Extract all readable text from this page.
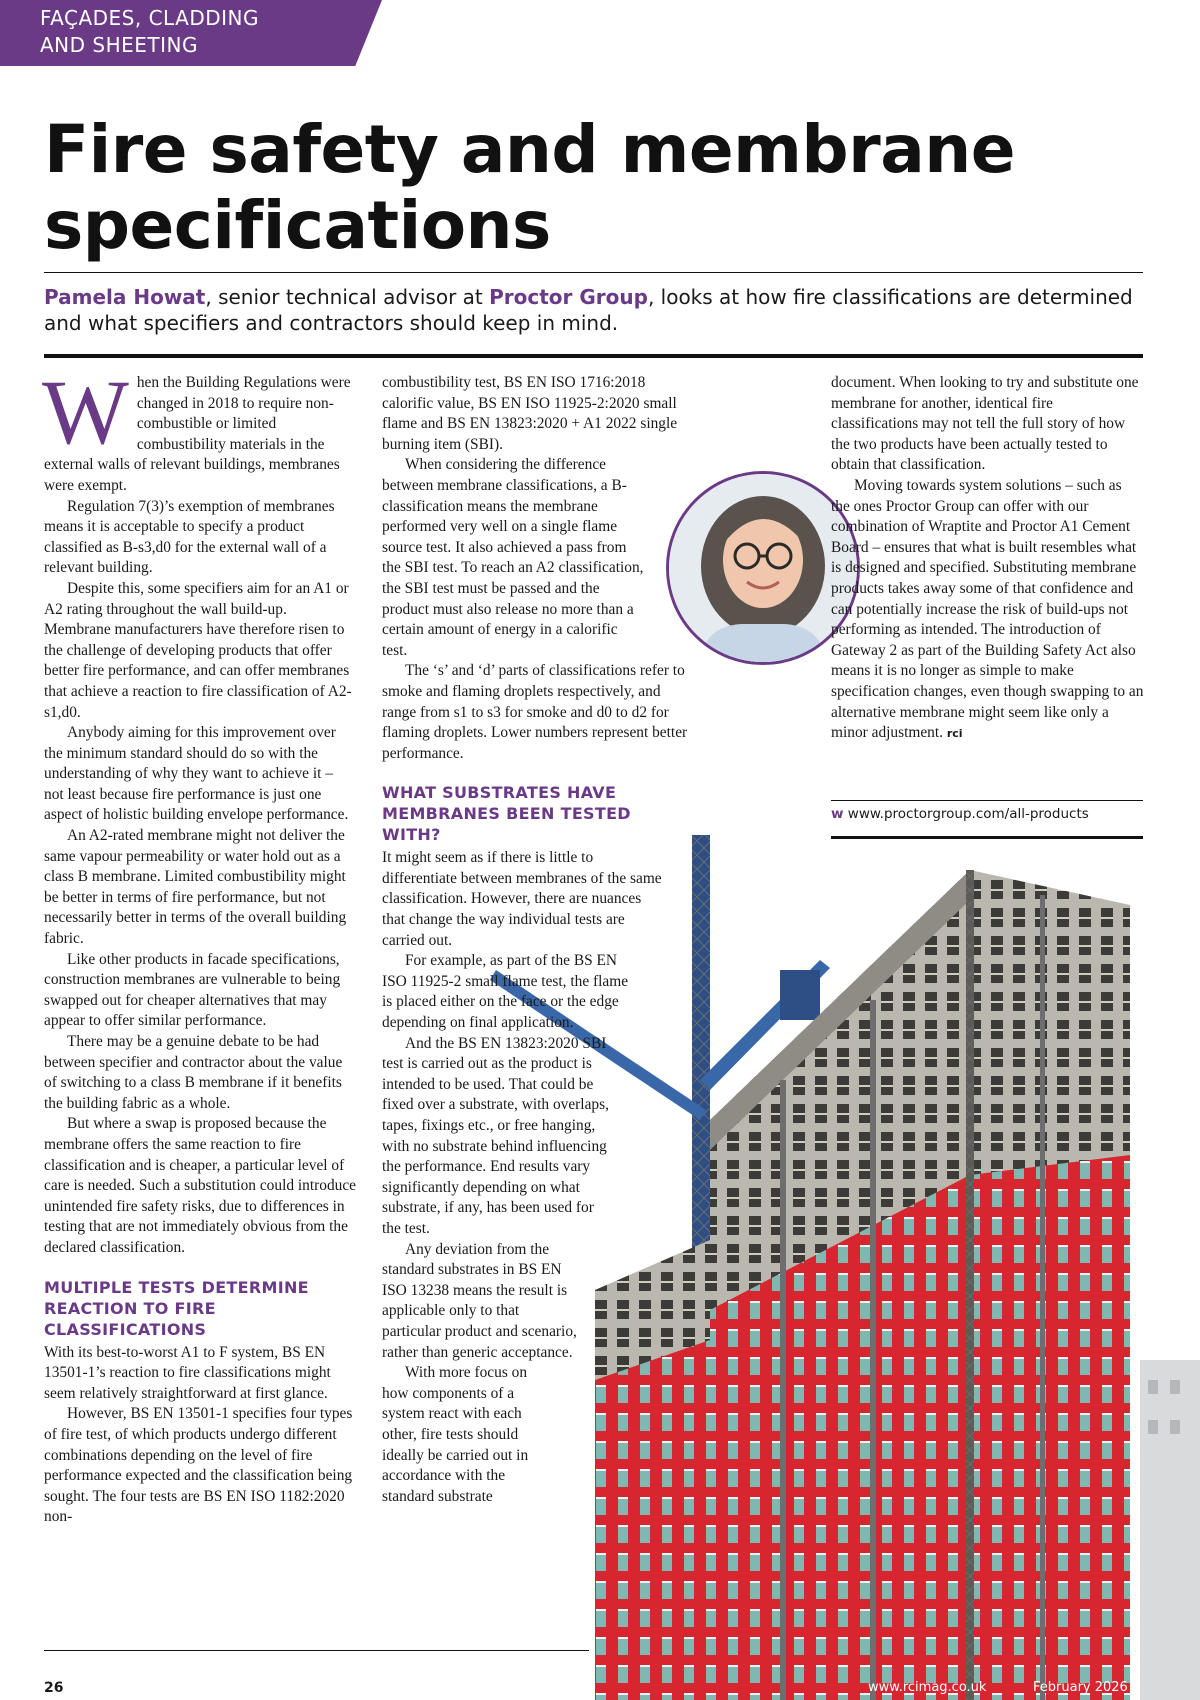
FAÇADES, CLADDING
AND SHEETING
Fire safety and membrane
specifications
Pamela Howat, senior technical advisor at Proctor Group, looks at how fire classifications are determined and what specifiers and contractors should keep in mind.

When the Building Regulations were changed in 2018 to require non-combustible or limited combustibility materials in the external walls of relevant buildings, membranes were exempt.

Regulation 7(3)’s exemption of membranes means it is acceptable to specify a product classified as B-s3,d0 for the external wall of a relevant building.

Despite this, some specifiers aim for an A1 or A2 rating throughout the wall build-up. Membrane manufacturers have therefore risen to the challenge of developing products that offer better fire performance, and can offer membranes that achieve a reaction to fire classification of A2-s1,d0.

Anybody aiming for this improvement over the minimum standard should do so with the understanding of why they want to achieve it – not least because fire performance is just one aspect of holistic building envelope performance.

An A2-rated membrane might not deliver the same vapour permeability or water hold out as a class B membrane. Limited combustibility might be better in terms of fire performance, but not necessarily better in terms of the overall building fabric.

Like other products in facade specifications, construction membranes are vulnerable to being swapped out for cheaper alternatives that may appear to offer similar performance.

There may be a genuine debate to be had between specifier and contractor about the value of switching to a class B membrane if it benefits the building fabric as a whole.

But where a swap is proposed because the membrane offers the same reaction to fire classification and is cheaper, a particular level of care is needed. Such a substitution could introduce unintended fire safety risks, due to differences in testing that are not immediately obvious from the declared classification.

MULTIPLE TESTS DETERMINE REACTION TO FIRE CLASSIFICATIONS

With its best-to-worst A1 to F system, BS EN 13501-1’s reaction to fire classifications might seem relatively straightforward at first glance.

However, BS EN 13501-1 specifies four types of fire test, of which products undergo different combinations depending on the level of fire performance expected and the classification being sought. The four tests are BS EN ISO 1182:2020 non-

combustibility test, BS EN ISO 1716:2018 calorific value, BS EN ISO 11925-2:2020 small flame and BS EN 13823:2020 + A1 2022 single burning item (SBI).

When considering the difference between membrane classifications, a B-classification means the membrane performed very well on a single flame source test. It also achieved a pass from the SBI test. To reach an A2 classification, the SBI test must be passed and the product must also release no more than a certain amount of energy in a calorific test.

The ‘s’ and ‘d’ parts of classifications refer to smoke and flaming droplets respectively, and range from s1 to s3 for smoke and d0 to d2 for flaming droplets. Lower numbers represent better performance.

WHAT SUBSTRATES HAVE MEMBRANES BEEN TESTED WITH?

It might seem as if there is little to differentiate between membranes of the same classification. However, there are nuances that change the way individual tests are carried out.

For example, as part of the BS EN ISO 11925-2 small flame test, the flame is placed either on the face or the edge depending on final application.

And the BS EN 13823:2020 SBI test is carried out as the product is intended to be used. That could be fixed over a substrate, with overlaps, tapes, fixings etc., or free hanging, with no substrate behind influencing the performance. End results vary significantly depending on what substrate, if any, has been used for the test.

Any deviation from the standard substrates in BS EN ISO 13238 means the result is applicable only to that particular product and scenario, rather than generic acceptance.

With more focus on how components of a system react with each other, fire tests should ideally be carried out in accordance with the standard substrate

document. When looking to try and substitute one membrane for another, identical fire classifications may not tell the full story of how the two products have been actually tested to obtain that classification.

Moving towards system solutions – such as the ones Proctor Group can offer with our combination of Wraptite and Proctor A1 Cement Board – ensures that what is built resembles what is designed and specified. Substituting membrane products takes away some of that confidence and can potentially increase the risk of build-ups not performing as intended. The introduction of Gateway 2 as part of the Building Safety Act also means it is no longer as simple to make specification changes, even though swapping to an alternative membrane might seem like only a minor adjustment. rci

w www.proctorgroup.com/all-products
26	www.rcimag.co.uk	February 2026
